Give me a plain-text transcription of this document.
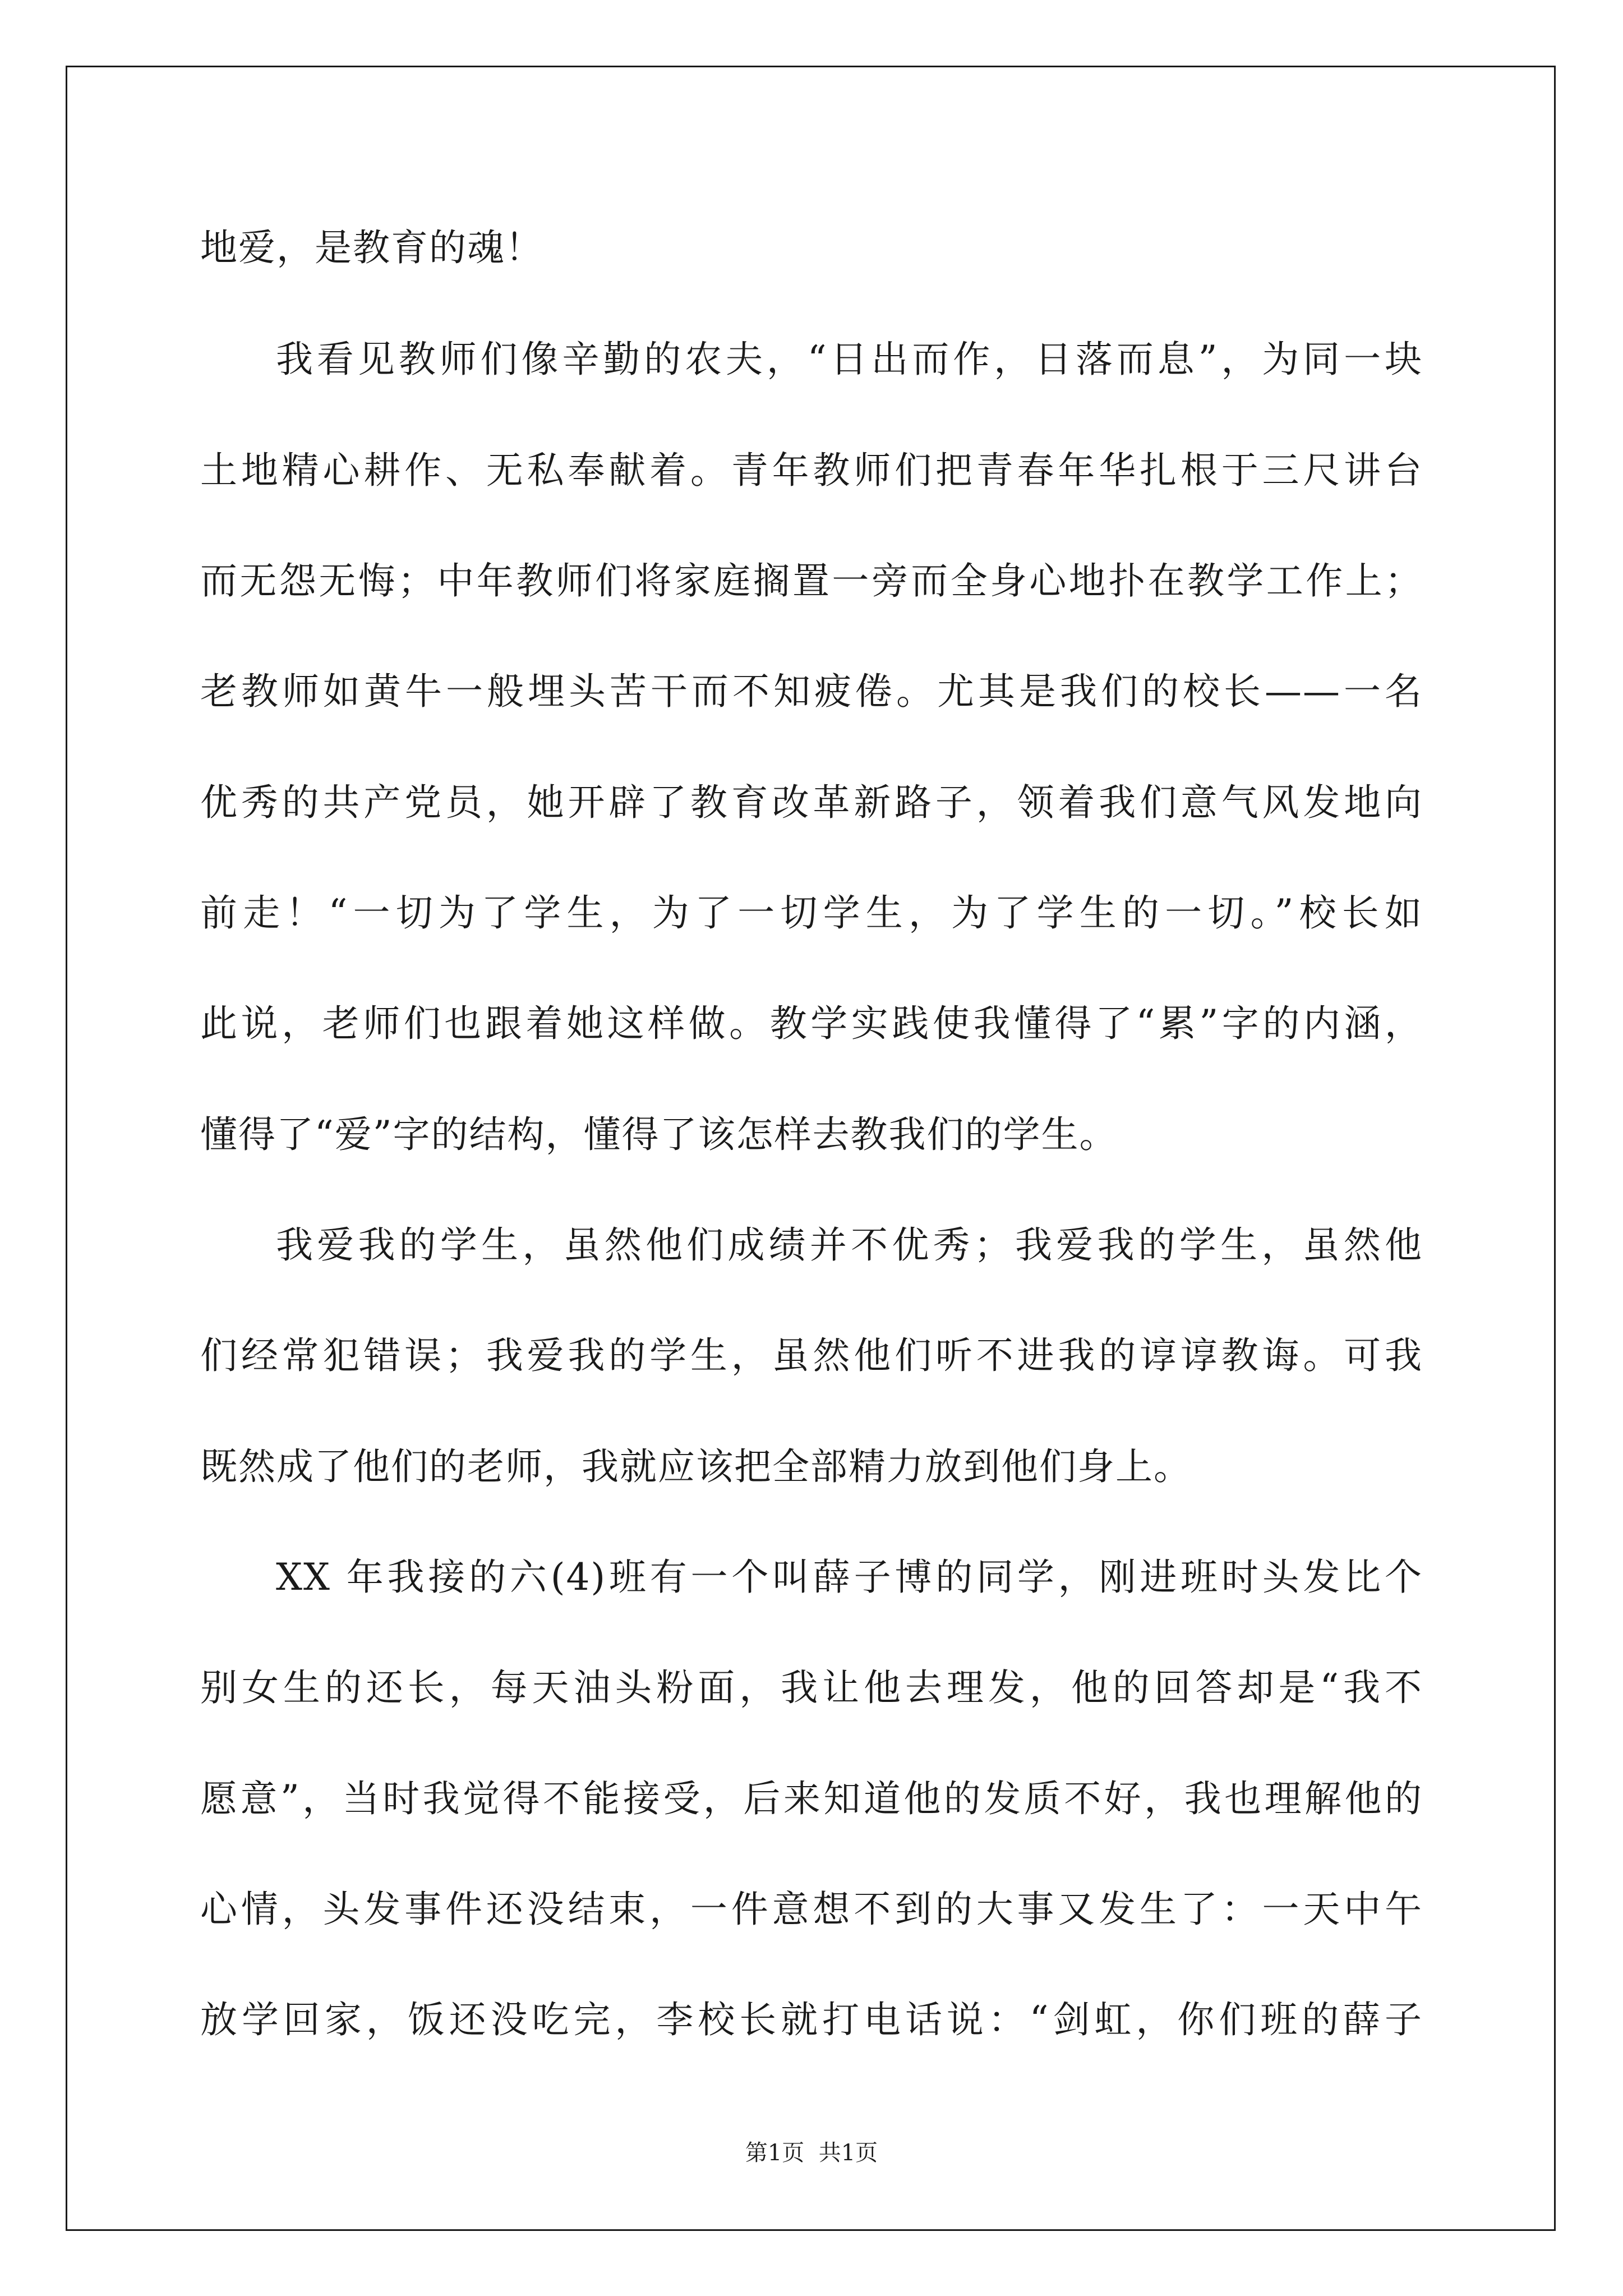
地爱，是教育的魂！
我看见教师们像辛勤的农夫，“日出而作，日落而息”，为同一块
土地精心耕作、无私奉献着。青年教师们把青春年华扎根于三尺讲台
而无怨无悔；中年教师们将家庭搁置一旁而全身心地扑在教学工作上；
老教师如黄牛一般埋头苦干而不知疲倦。尤其是我们的校长——一名
优秀的共产党员，她开辟了教育改革新路子，领着我们意气风发地向
前走！“一切为了学生，为了一切学生，为了学生的一切。”校长如
此说，老师们也跟着她这样做。教学实践使我懂得了“累”字的内涵，
懂得了“爱”字的结构，懂得了该怎样去教我们的学生。
我爱我的学生，虽然他们成绩并不优秀；我爱我的学生，虽然他
们经常犯错误；我爱我的学生，虽然他们听不进我的谆谆教诲。可我
既然成了他们的老师，我就应该把全部精力放到他们身上。
XX 年我接的六(4)班有一个叫薛子博的同学，刚进班时头发比个
别女生的还长，每天油头粉面，我让他去理发，他的回答却是“我不
愿意”，当时我觉得不能接受，后来知道他的发质不好，我也理解他的
心情，头发事件还没结束，一件意想不到的大事又发生了：一天中午
放学回家，饭还没吃完，李校长就打电话说：“剑虹，你们班的薛子
第1页  共1页
